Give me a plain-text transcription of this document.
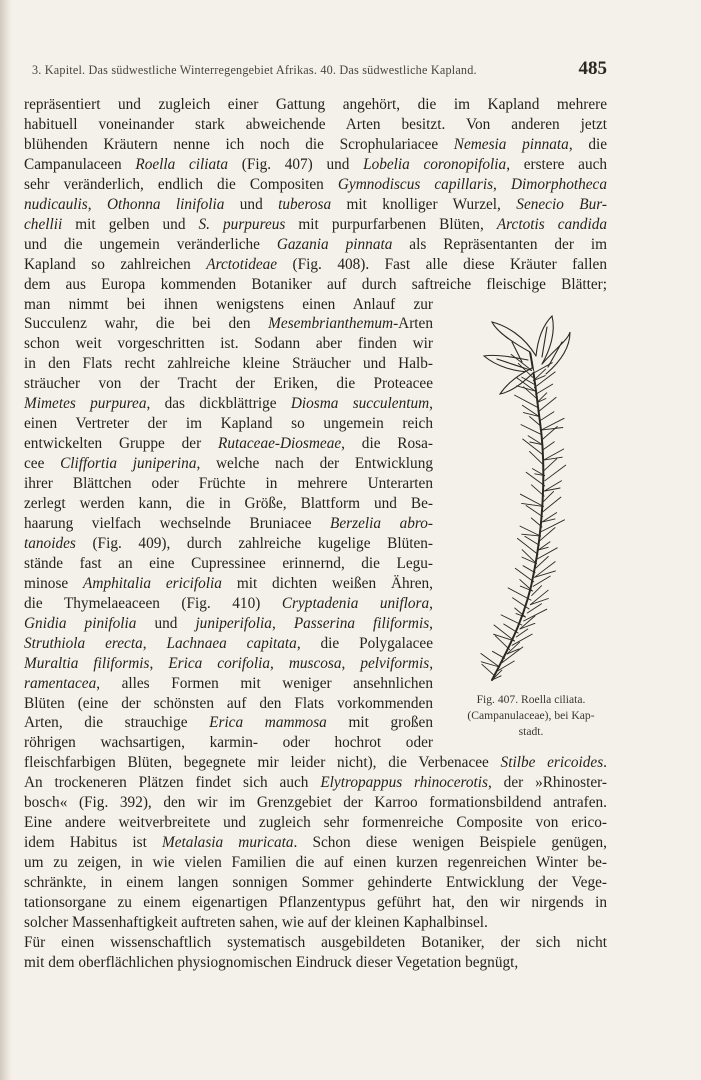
3. Kapitel. Das südwestliche Winterregengebiet Afrikas. 40. Das südwestliche Kapland.	485
repräsentiert und zugleich einer Gattung angehört, die im Kapland mehrere
habituell voneinander stark abweichende Arten besitzt. Von anderen jetzt
blühenden Kräutern nenne ich noch die Scrophulariacee Nemesia pinnata, die
Campanulaceen Roella ciliata (Fig. 407) und Lobelia coronopifolia, erstere auch
sehr veränderlich, endlich die Compositen Gymnodiscus capillaris, Dimorphotheca
nudicaulis, Othonna linifolia und tuberosa mit knolliger Wurzel, Senecio Bur-
chellii mit gelben und S. purpureus mit purpurfarbenen Blüten, Arctotis candida
und die ungemein veränderliche Gazania pinnata als Repräsentanten der im
Kapland so zahlreichen Arctotideae (Fig. 408). Fast alle diese Kräuter fallen
dem aus Europa kommenden Botaniker auf durch saftreiche fleischige Blätter;
man nimmt bei ihnen wenigstens einen Anlauf zur
Succulenz wahr, die bei den Mesembrianthemum-Arten
schon weit vorgeschritten ist. Sodann aber finden wir
in den Flats recht zahlreiche kleine Sträucher und Halb-
sträucher von der Tracht der Eriken, die Proteacee
Mimetes purpurea, das dickblättrige Diosma succulentum,
einen Vertreter der im Kapland so ungemein reich
entwickelten Gruppe der Rutaceae-Diosmeae, die Rosa-
cee Cliffortia juniperina, welche nach der Entwicklung
ihrer Blättchen oder Früchte in mehrere Unterarten
zerlegt werden kann, die in Größe, Blattform und Be-
haarung vielfach wechselnde Bruniacee Berzelia abro-
tanoides (Fig. 409), durch zahlreiche kugelige Blüten-
stände fast an eine Cupressinee erinnernd, die Legu-
minose Amphitalia ericifolia mit dichten weißen Ähren,
die Thymelaeaceen (Fig. 410) Cryptadenia uniflora,
Gnidia pinifolia und juniperifolia, Passerina filiformis,
Struthiola erecta, Lachnaea capitata, die Polygalacee
Muraltia filiformis, Erica corifolia, muscosa, pelviformis,
ramentacea, alles Formen mit weniger ansehnlichen
Blüten (eine der schönsten auf den Flats vorkommenden
Arten, die strauchige Erica mammosa mit großen
röhrigen wachsartigen, karmin- oder hochrot oder
fleischfarbigen Blüten, begegnete mir leider nicht), die Verbenacee Stilbe ericoides.
An trockeneren Plätzen findet sich auch Elytropappus rhinocerotis, der »Rhinoster-
bosch« (Fig. 392), den wir im Grenzgebiet der Karroo formationsbildend antrafen.
Eine andere weitverbreitete und zugleich sehr formenreiche Composite von erico-
idem Habitus ist Metalasia muricata. Schon diese wenigen Beispiele genügen,
um zu zeigen, in wie vielen Familien die auf einen kurzen regenreichen Winter be-
schränkte, in einem langen sonnigen Sommer gehinderte Entwicklung der Vege-
tationsorgane zu einem eigenartigen Pflanzentypus geführt hat, den wir nirgends in
solcher Massenhaftigkeit auftreten sahen, wie auf der kleinen Kaphalbinsel.
Für einen wissenschaftlich systematisch ausgebildeten Botaniker, der sich nicht
mit dem oberflächlichen physiognomischen Eindruck dieser Vegetation begnügt,
Fig. 407. Roella ciliata.
(Campanulaceae), bei Kap-
stadt.
